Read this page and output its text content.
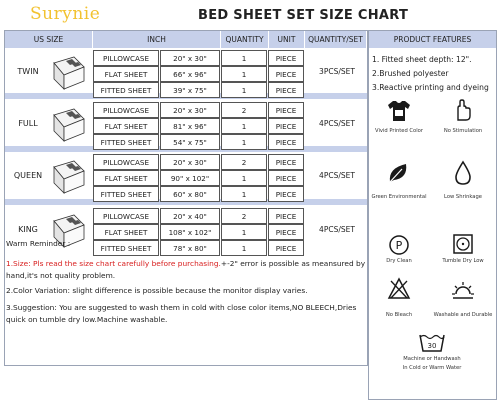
Surynie	BED SHEET SET SIZE CHART
US SIZE	INCH	QUANTITY	UNIT	QUANTITY/SET	PRODUCT FEATURES
TWIN
PILLOWCASE	20" x 30"	1	PIECE
FLAT SHEET	66" x 96"	1	PIECE
FITTED SHEET	39" x 75"	1	PIECE
3PCS/SET
FULL
PILLOWCASE	20" x 30"	2	PIECE
FLAT SHEET	81" x 96"	1	PIECE
FITTED SHEET	54" x 75"	1	PIECE
4PCS/SET
QUEEN
PILLOWCASE	20" x 30"	2	PIECE
FLAT SHEET	90" x 102"	1	PIECE
FITTED SHEET	60" x 80"	1	PIECE
4PCS/SET
KING
PILLOWCASE	20" x 40"	2	PIECE
FLAT SHEET	108" x 102"	1	PIECE
FITTED SHEET	78" x 80"	1	PIECE
4PCS/SET
1. Fitted sheet depth: 12".
2.Brushed polyester
3.Reactive printing and dyeing
Vivid Printed Color	No Stimulation
Green Environmental	Low Shrinkage
P
Dry Clean	Tumble Dry Low
No Bleach	Washable and Durable
30
Machine or Handwash
In Cold or Warm Water
Warm Reminder :
1.Size: Pls read the size chart carefully before purchasing.+-2" error is possible as meansured by hand,it's not quality problem.
2.Color Variation: slight difference is possible because the monitor display varies.
3.Suggestion: You are suggested to wash them in cold with close color items,NO BLEECH,Dries quick on tumble dry low.Machine washable.
